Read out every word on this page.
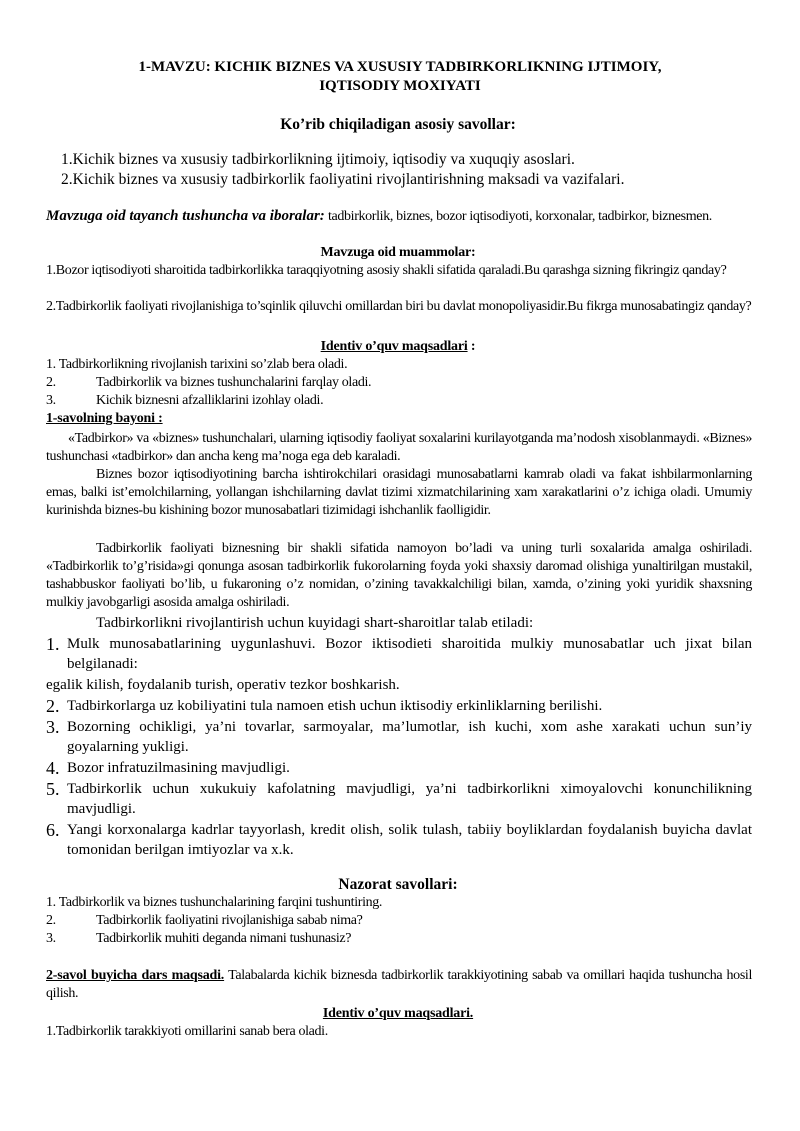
1-MAVZU: KICHIK BIZNES VA XUSUSIY TADBIRKORLIKNING IJTIMOIY,
IQTISODIY MOXIYATI
Ko’rib chiqiladigan asosiy savollar:
1.Kichik biznes va xususiy tadbirkorlikning ijtimoiy, iqtisodiy va xuquqiy asoslari.
2.Kichik biznes va xususiy tadbirkorlik faoliyatini rivojlantirishning maksadi va vazifalari.
Mavzuga oid tayanch tushuncha va iboralar: tadbirkorlik, biznes, bozor iqtisodiyoti, korxonalar, tadbirkor, biznesmen.
Mavzuga oid muammolar:
1.Bozor iqtisodiyoti sharoitida tadbirkorlikka taraqqiyotning asosiy shakli sifatida qaraladi.Bu qarashga sizning fikringiz qanday?
2.Tadbirkorlik faoliyati rivojlanishiga to’sqinlik qiluvchi omillardan biri bu davlat monopoliyasidir.Bu fikrga munosabatingiz qanday?
Identiv o’quv maqsadlari :
1. Tadbirkorlikning rivojlanish tarixini so’zlab bera oladi.
2.	Tadbirkorlik va biznes tushunchalarini farqlay oladi.
3.	Kichik biznesni afzalliklarini izohlay oladi.
1-savolning bayoni :
«Tadbirkor» va «biznes» tushunchalari, ularning iqtisodiy faoliyat soxalarini kurilayotganda ma’nodosh xisoblanmaydi. «Biznes» tushunchasi «tadbirkor» dan ancha keng ma’noga ega deb karaladi.
Biznes bozor iqtisodiyotining barcha ishtirokchilari orasidagi munosabatlarni kamrab oladi va fakat ishbilarmonlarning emas, balki ist’emolchilarning, yollangan ishchilarning davlat tizimi xizmatchilarining xam xarakatlarini o’z ichiga oladi. Umumiy kurinishda biznes-bu kishining bozor munosabatlari tizimidagi ishchanlik faolligidir.
Tadbirkorlik faoliyati biznesning bir shakli sifatida namoyon bo’ladi va uning turli soxalarida amalga oshiriladi. «Tadbirkorlik to’g’risida»gi qonunga asosan tadbirkorlik fukorolarning foyda yoki shaxsiy daromad olishiga yunaltirilgan mustakil, tashabbuskor faoliyati bo’lib, u fukaroning o’z nomidan, o’zining tavakkalchiligi bilan, xamda, o’zining yoki yuridik shaxsning mulkiy javobgarligi asosida amalga oshiriladi.
Tadbirkorlikni rivojlantirish uchun kuyidagi shart-sharoitlar talab etiladi:
1. Mulk munosabatlarining uygunlashuvi. Bozor iktisodieti sharoitida mulkiy munosabatlar uch jixat bilan belgilanadi:
egalik kilish, foydalanib turish, operativ tezkor boshkarish.
2. Tadbirkorlarga uz kobiliyatini tula namoen etish uchun iktisodiy erkinliklarning berilishi.
3. Bozorning ochikligi, ya’ni tovarlar, sarmoyalar, ma’lumotlar, ish kuchi, xom ashe xarakati uchun sun’iy goyalarning yukligi.
4. Bozor infratuzilmasining mavjudligi.
5. Tadbirkorlik uchun xukukuiy kafolatning mavjudligi, ya’ni tadbirkorlikni ximoyalovchi konunchilikning mavjudligi.
6. Yangi korxonalarga kadrlar tayyorlash, kredit olish, solik tulash, tabiiy boyliklardan foydalanish buyicha davlat tomonidan berilgan imtiyozlar va x.k.
Nazorat savollari:
1. Tadbirkorlik va biznes tushunchalarining farqini tushuntiring.
2.	Tadbirkorlik faoliyatini rivojlanishiga sabab nima?
3.	Tadbirkorlik muhiti deganda nimani tushunasiz?
2-savol buyicha dars maqsadi. Talabalarda kichik biznesda tadbirkorlik tarakkiyotining sabab va omillari haqida tushuncha hosil qilish.
Identiv o’quv maqsadlari.
1.Tadbirkorlik tarakkiyoti omillarini sanab bera oladi.
